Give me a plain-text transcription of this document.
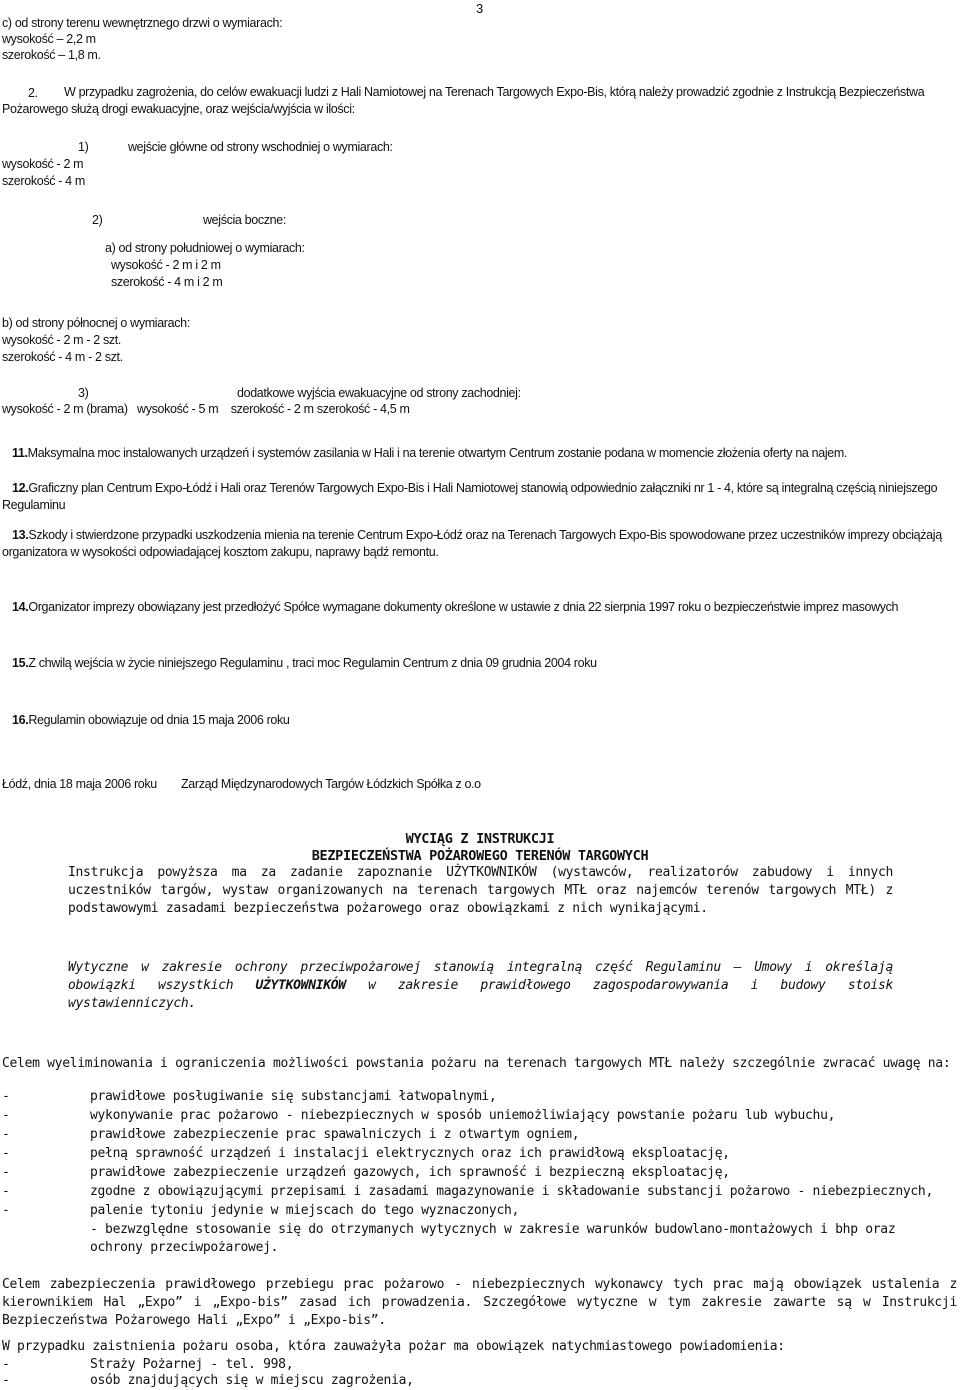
3
c) od strony terenu wewnętrznego drzwi o wymiarach:
wysokość – 2,2 m
szerokość – 1,8 m.
2.	W przypadku zagrożenia, do celów ewakuacji ludzi z Hali Namiotowej na Terenach Targowych Expo-Bis, którą należy prowadzić zgodnie z Instrukcją Bezpieczeństwa Pożarowego służą drogi ewakuacyjne, oraz wejścia/wyjścia w ilości:
1)	wejście główne od strony wschodniej o wymiarach:
wysokość - 2 m
szerokość - 4 m
2)	wejścia boczne:
a) od strony południowej o wymiarach:
wysokość - 2 m i 2 m
szerokość - 4 m i 2 m
b) od strony północnej o wymiarach:
wysokość - 2 m - 2 szt.
szerokość - 4 m - 2 szt.
3)	dodatkowe wyjścia ewakuacyjne od strony zachodniej:
wysokość - 2 m (brama)   wysokość - 5 m    szerokość - 2 m szerokość - 4,5 m
11.Maksymalna moc instalowanych urządzeń i systemów zasilania w Hali i na terenie otwartym Centrum zostanie podana w momencie złożenia oferty na najem.
12.Graficzny plan Centrum Expo-Łódź i Hali oraz Terenów Targowych Expo-Bis i Hali Namiotowej stanowią odpowiednio załączniki nr 1 - 4, które są integralną częścią niniejszego Regulaminu
13.Szkody i stwierdzone przypadki uszkodzenia mienia na terenie Centrum Expo-Łódź oraz na Terenach Targowych Expo-Bis spowodowane przez uczestników imprezy obciążają organizatora w wysokości odpowiadającej kosztom zakupu, naprawy bądź remontu.
14.Organizator imprezy obowiązany jest przedłożyć Spółce wymagane dokumenty określone w ustawie z dnia 22 sierpnia 1997 roku o bezpieczeństwie imprez masowych
15.Z chwilą wejścia w życie niniejszego Regulaminu , traci moc Regulamin Centrum z dnia 09 grudnia 2004 roku
16.Regulamin obowiązuje od dnia 15 maja 2006 roku
Łódź, dnia 18 maja 2006 roku Zarząd Międzynarodowych Targów Łódzkich Spółka z o.o
WYCIĄG Z INSTRUKCJI
BEZPIECZEŃSTWA POŻAROWEGO TERENÓW TARGOWYCH
Instrukcja powyższa ma za zadanie zapoznanie UŻYTKOWNIKÓW (wystawców, realizatorów zabudowy i innych uczestników targów, wystaw organizowanych na terenach targowych MTŁ oraz najemców terenów targowych MTŁ) z podstawowymi zasadami bezpieczeństwa pożarowego oraz obowiązkami z nich wynikającymi.
Wytyczne w zakresie ochrony przeciwpożarowej stanowią integralną część Regulaminu – Umowy i określają obowiązki wszystkich UŻYTKOWNIKÓW w zakresie prawidłowego zagospodarowywania i budowy stoisk wystawienniczych.
Celem wyeliminowania i ograniczenia możliwości powstania pożaru na terenach targowych MTŁ należy szczególnie zwracać uwagę na:
-	prawidłowe posługiwanie się substancjami łatwopalnymi,
-	wykonywanie prac pożarowo - niebezpiecznych w sposób uniemożliwiający powstanie pożaru lub wybuchu,
-	prawidłowe zabezpieczenie prac spawalniczych i z otwartym ogniem,
-	pełną sprawność urządzeń i instalacji elektrycznych oraz ich prawidłową eksploatację,
-	prawidłowe zabezpieczenie urządzeń gazowych, ich sprawność i bezpieczną eksploatację,
-	zgodne z obowiązującymi przepisami i zasadami magazynowanie i składowanie substancji pożarowo - niebezpiecznych,
-	palenie tytoniu jedynie w miejscach do tego wyznaczonych,
- bezwzględne stosowanie się do otrzymanych wytycznych w zakresie warunków budowlano-montażowych i bhp oraz ochrony przeciwpożarowej.
Celem zabezpieczenia prawidłowego przebiegu prac pożarowo - niebezpiecznych wykonawcy tych prac mają obowiązek ustalenia z kierownikiem Hal „Expo” i „Expo-bis” zasad ich prowadzenia. Szczegółowe wytyczne w tym zakresie zawarte są w Instrukcji Bezpieczeństwa Pożarowego Hali „Expo” i „Expo-bis”.
W przypadku zaistnienia pożaru osoba, która zauważyła pożar ma obowiązek natychmiastowego powiadomienia:
-	Straży Pożarnej - tel. 998,
-	osób znajdujących się w miejscu zagrożenia,
